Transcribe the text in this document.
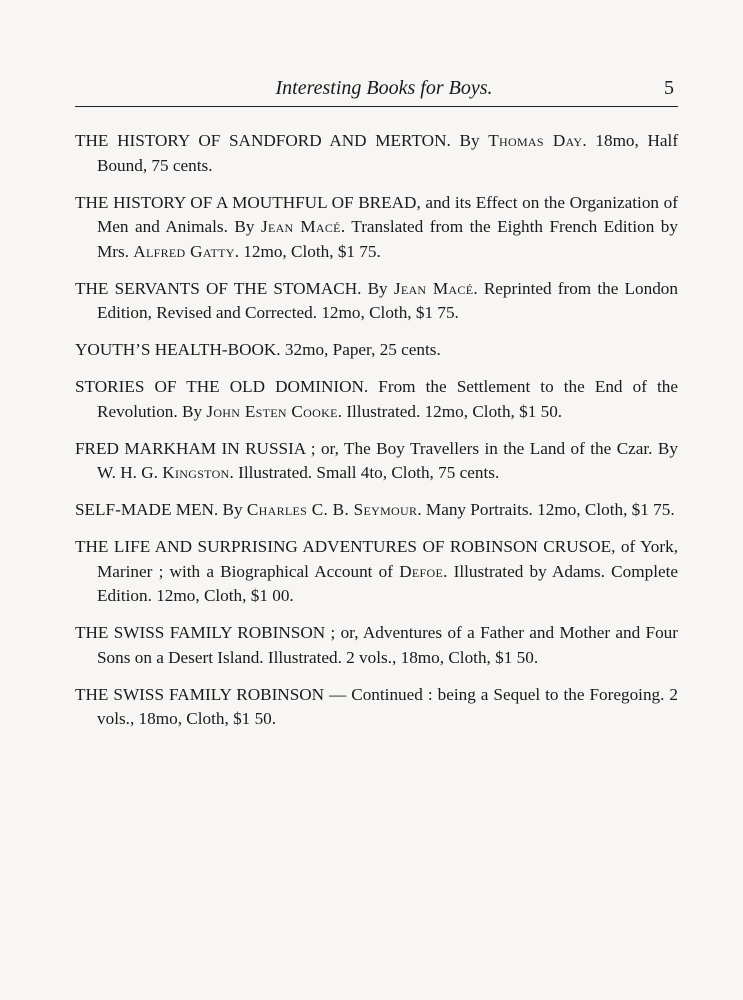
Interesting Books for Boys.	5

THE HISTORY OF SANDFORD AND MERTON. By Thomas Day. 18mo, Half Bound, 75 cents.

THE HISTORY OF A MOUTHFUL OF BREAD, and its Effect on the Organization of Men and Animals. By Jean Macé. Translated from the Eighth French Edition by Mrs. Alfred Gatty. 12mo, Cloth, $1 75.

THE SERVANTS OF THE STOMACH. By Jean Macé. Reprinted from the London Edition, Revised and Corrected. 12mo, Cloth, $1 75.

YOUTH’S HEALTH-BOOK. 32mo, Paper, 25 cents.

STORIES OF THE OLD DOMINION. From the Settlement to the End of the Revolution. By John Esten Cooke. Illustrated. 12mo, Cloth, $1 50.

FRED MARKHAM IN RUSSIA ; or, The Boy Travellers in the Land of the Czar. By W. H. G. Kingston. Illustrated. Small 4to, Cloth, 75 cents.

SELF-MADE MEN. By Charles C. B. Seymour. Many Portraits. 12mo, Cloth, $1 75.

THE LIFE AND SURPRISING ADVENTURES OF ROBINSON CRUSOE, of York, Mariner ; with a Biographical Account of Defoe. Illustrated by Adams. Complete Edition. 12mo, Cloth, $1 00.

THE SWISS FAMILY ROBINSON ; or, Adventures of a Father and Mother and Four Sons on a Desert Island. Illustrated. 2 vols., 18mo, Cloth, $1 50.

THE SWISS FAMILY ROBINSON — Continued : being a Sequel to the Foregoing. 2 vols., 18mo, Cloth, $1 50.
